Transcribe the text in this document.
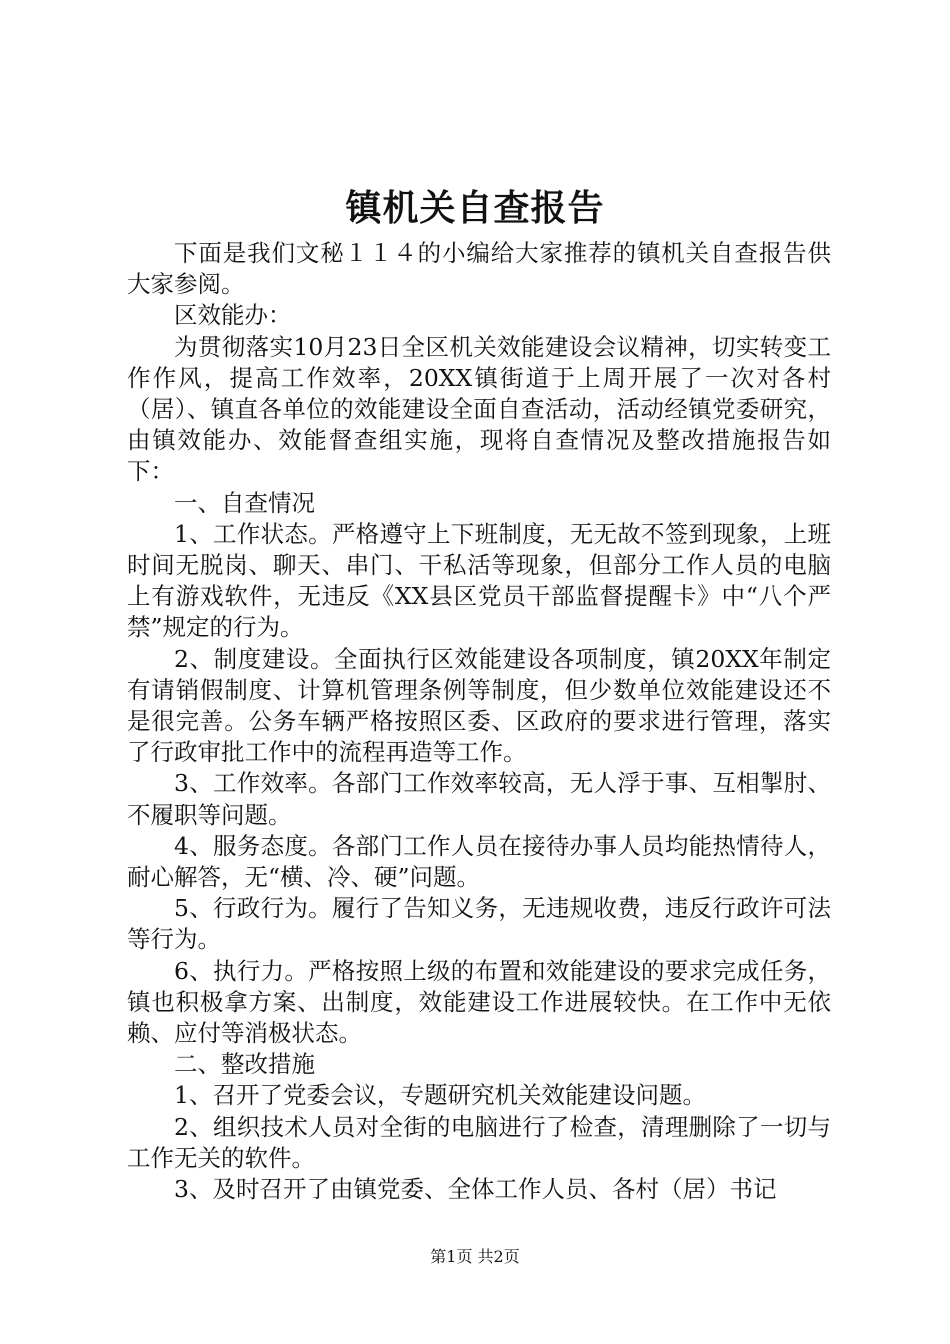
镇机关自查报告

下面是我们文秘１１４的小编给大家推荐的镇机关自查报告供大家参阅。

区效能办：

为贯彻落实10月23日全区机关效能建设会议精神，切实转变工作作风，提高工作效率，20XX镇街道于上周开展了一次对各村（居）、镇直各单位的效能建设全面自查活动，活动经镇党委研究，由镇效能办、效能督查组实施，现将自查情况及整改措施报告如下：

一、自查情况

1、工作状态。严格遵守上下班制度，无无故不签到现象，上班时间无脱岗、聊天、串门、干私活等现象，但部分工作人员的电脑上有游戏软件，无违反《XX县区党员干部监督提醒卡》中“八个严禁”规定的行为。

2、制度建设。全面执行区效能建设各项制度，镇20XX年制定有请销假制度、计算机管理条例等制度，但少数单位效能建设还不是很完善。公务车辆严格按照区委、区政府的要求进行管理，落实了行政审批工作中的流程再造等工作。

3、工作效率。各部门工作效率较高，无人浮于事、互相掣肘、不履职等问题。

4、服务态度。各部门工作人员在接待办事人员均能热情待人，耐心解答，无“横、冷、硬”问题。

5、行政行为。履行了告知义务，无违规收费，违反行政许可法等行为。

6、执行力。严格按照上级的布置和效能建设的要求完成任务，镇也积极拿方案、出制度，效能建设工作进展较快。在工作中无依赖、应付等消极状态。

二、整改措施

1、召开了党委会议，专题研究机关效能建设问题。

2、组织技术人员对全街的电脑进行了检查，清理删除了一切与工作无关的软件。

3、及时召开了由镇党委、全体工作人员、各村（居）书记

第1页 共2页
